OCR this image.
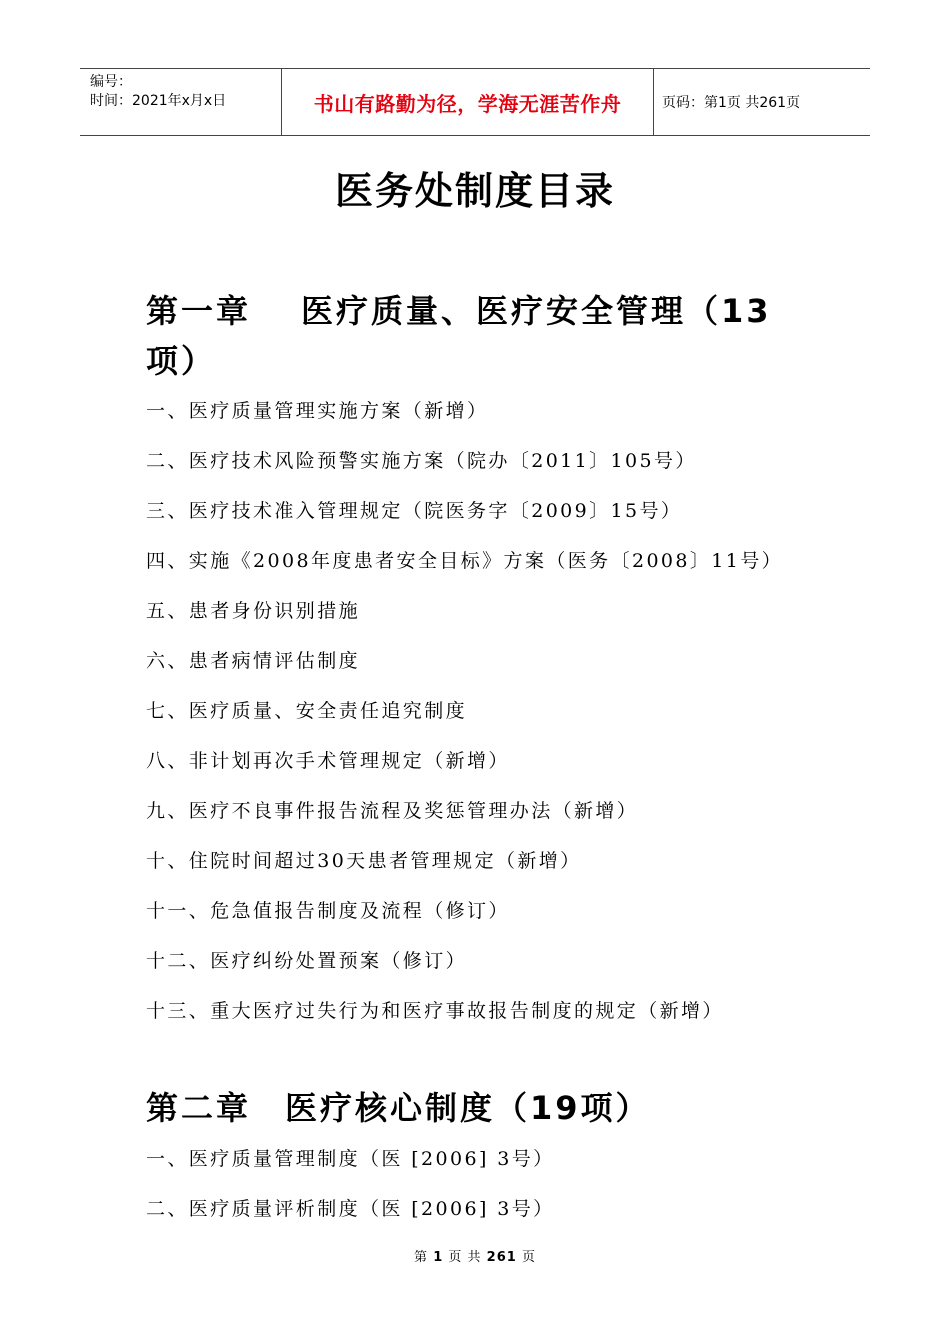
编号：
时间：2021年x月x日	书山有路勤为径，学海无涯苦作舟	页码：第1页 共261页
医务处制度目录
第一章 医疗质量、医疗安全管理（13
项）
一、医疗质量管理实施方案（新增）
二、医疗技术风险预警实施方案（院办〔2011〕105号）
三、医疗技术准入管理规定（院医务字〔2009〕15号）
四、实施《2008年度患者安全目标》方案（医务〔2008〕11号）
五、患者身份识别措施
六、患者病情评估制度
七、医疗质量、安全责任追究制度
八、非计划再次手术管理规定（新增）
九、医疗不良事件报告流程及奖惩管理办法（新增）
十、住院时间超过30天患者管理规定（新增）
十一、危急值报告制度及流程（修订）
十二、医疗纠纷处置预案（修订）
十三、重大医疗过失行为和医疗事故报告制度的规定（新增）
第二章 医疗核心制度（19项）
一、医疗质量管理制度（医 [2006] 3号）
二、医疗质量评析制度（医 [2006] 3号）
第 1 页 共 261 页
